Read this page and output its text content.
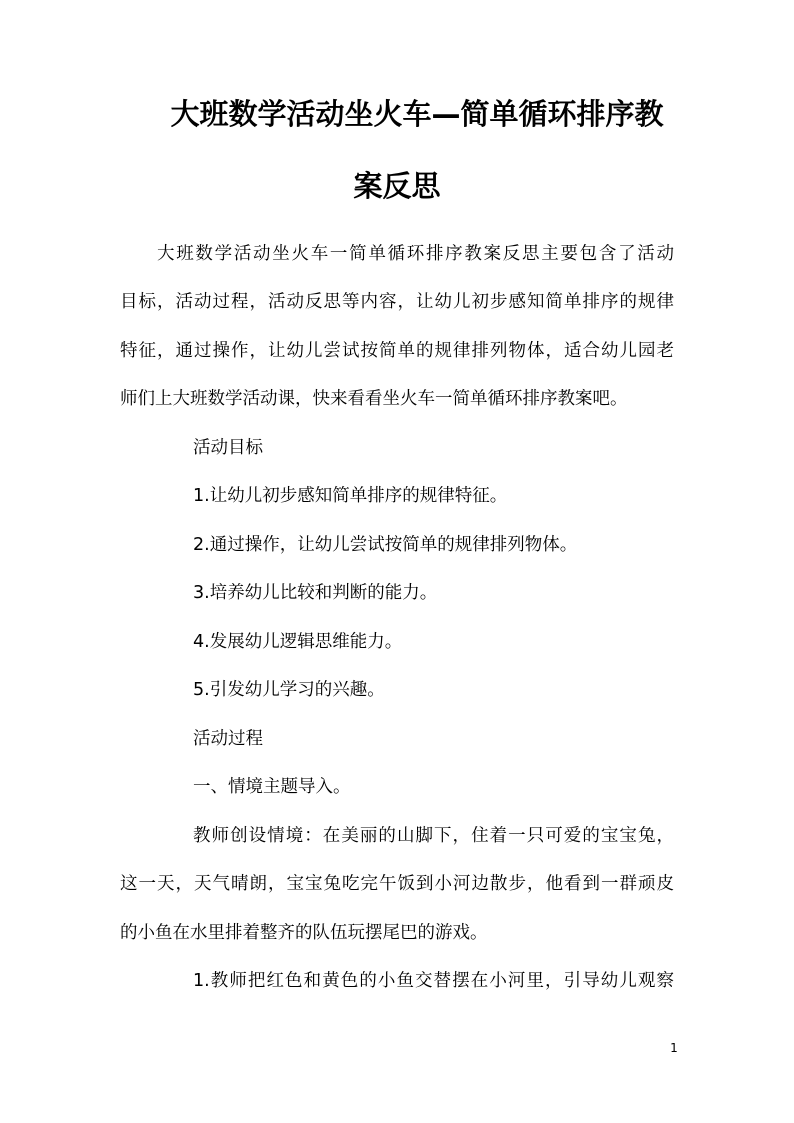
大班数学活动坐火车—简单循环排序教
案反思
大班数学活动坐火车一简单循环排序教案反思主要包含了活动
目标，活动过程，活动反思等内容，让幼儿初步感知简单排序的规律
特征，通过操作，让幼儿尝试按简单的规律排列物体，适合幼儿园老
师们上大班数学活动课，快来看看坐火车一简单循环排序教案吧。
活动目标
1.让幼儿初步感知简单排序的规律特征。
2.通过操作，让幼儿尝试按简单的规律排列物体。
3.培养幼儿比较和判断的能力。
4.发展幼儿逻辑思维能力。
5.引发幼儿学习的兴趣。
活动过程
一、情境主题导入。
教师创设情境：在美丽的山脚下，住着一只可爱的宝宝兔，
这一天，天气晴朗，宝宝兔吃完午饭到小河边散步，他看到一群顽皮
的小鱼在水里排着整齐的队伍玩摆尾巴的游戏。
1.教师把红色和黄色的小鱼交替摆在小河里，引导幼儿观察
1
